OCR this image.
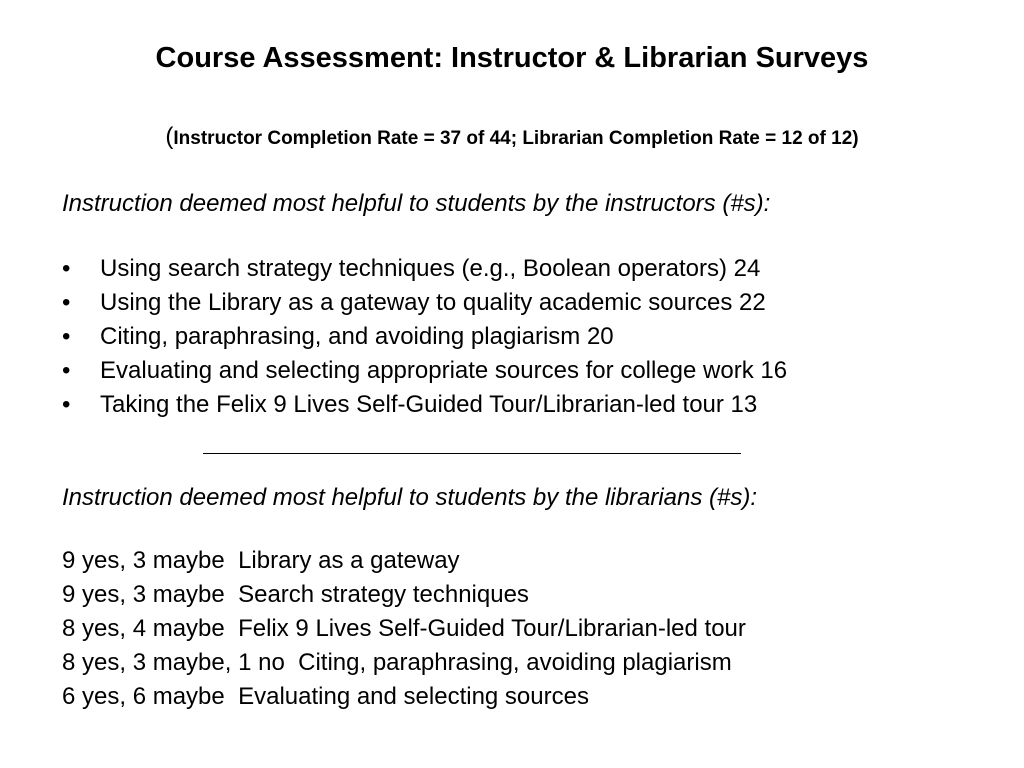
Course Assessment: Instructor & Librarian Surveys
(Instructor Completion Rate = 37 of 44; Librarian Completion Rate = 12 of 12)
Instruction deemed most helpful to students by the instructors (#s):
•	Using search strategy techniques (e.g., Boolean operators) 24
•	Using the Library as a gateway to quality academic sources 22
•	Citing, paraphrasing, and avoiding plagiarism 20
•	Evaluating and selecting appropriate sources for college work 16
•	Taking the Felix 9 Lives Self-Guided Tour/Librarian-led tour 13
Instruction deemed most helpful to students by the librarians (#s):
9 yes, 3 maybe  Library as a gateway
9 yes, 3 maybe  Search strategy techniques
8 yes, 4 maybe  Felix 9 Lives Self-Guided Tour/Librarian-led tour
8 yes, 3 maybe, 1 no  Citing, paraphrasing, avoiding plagiarism
6 yes, 6 maybe  Evaluating and selecting sources
